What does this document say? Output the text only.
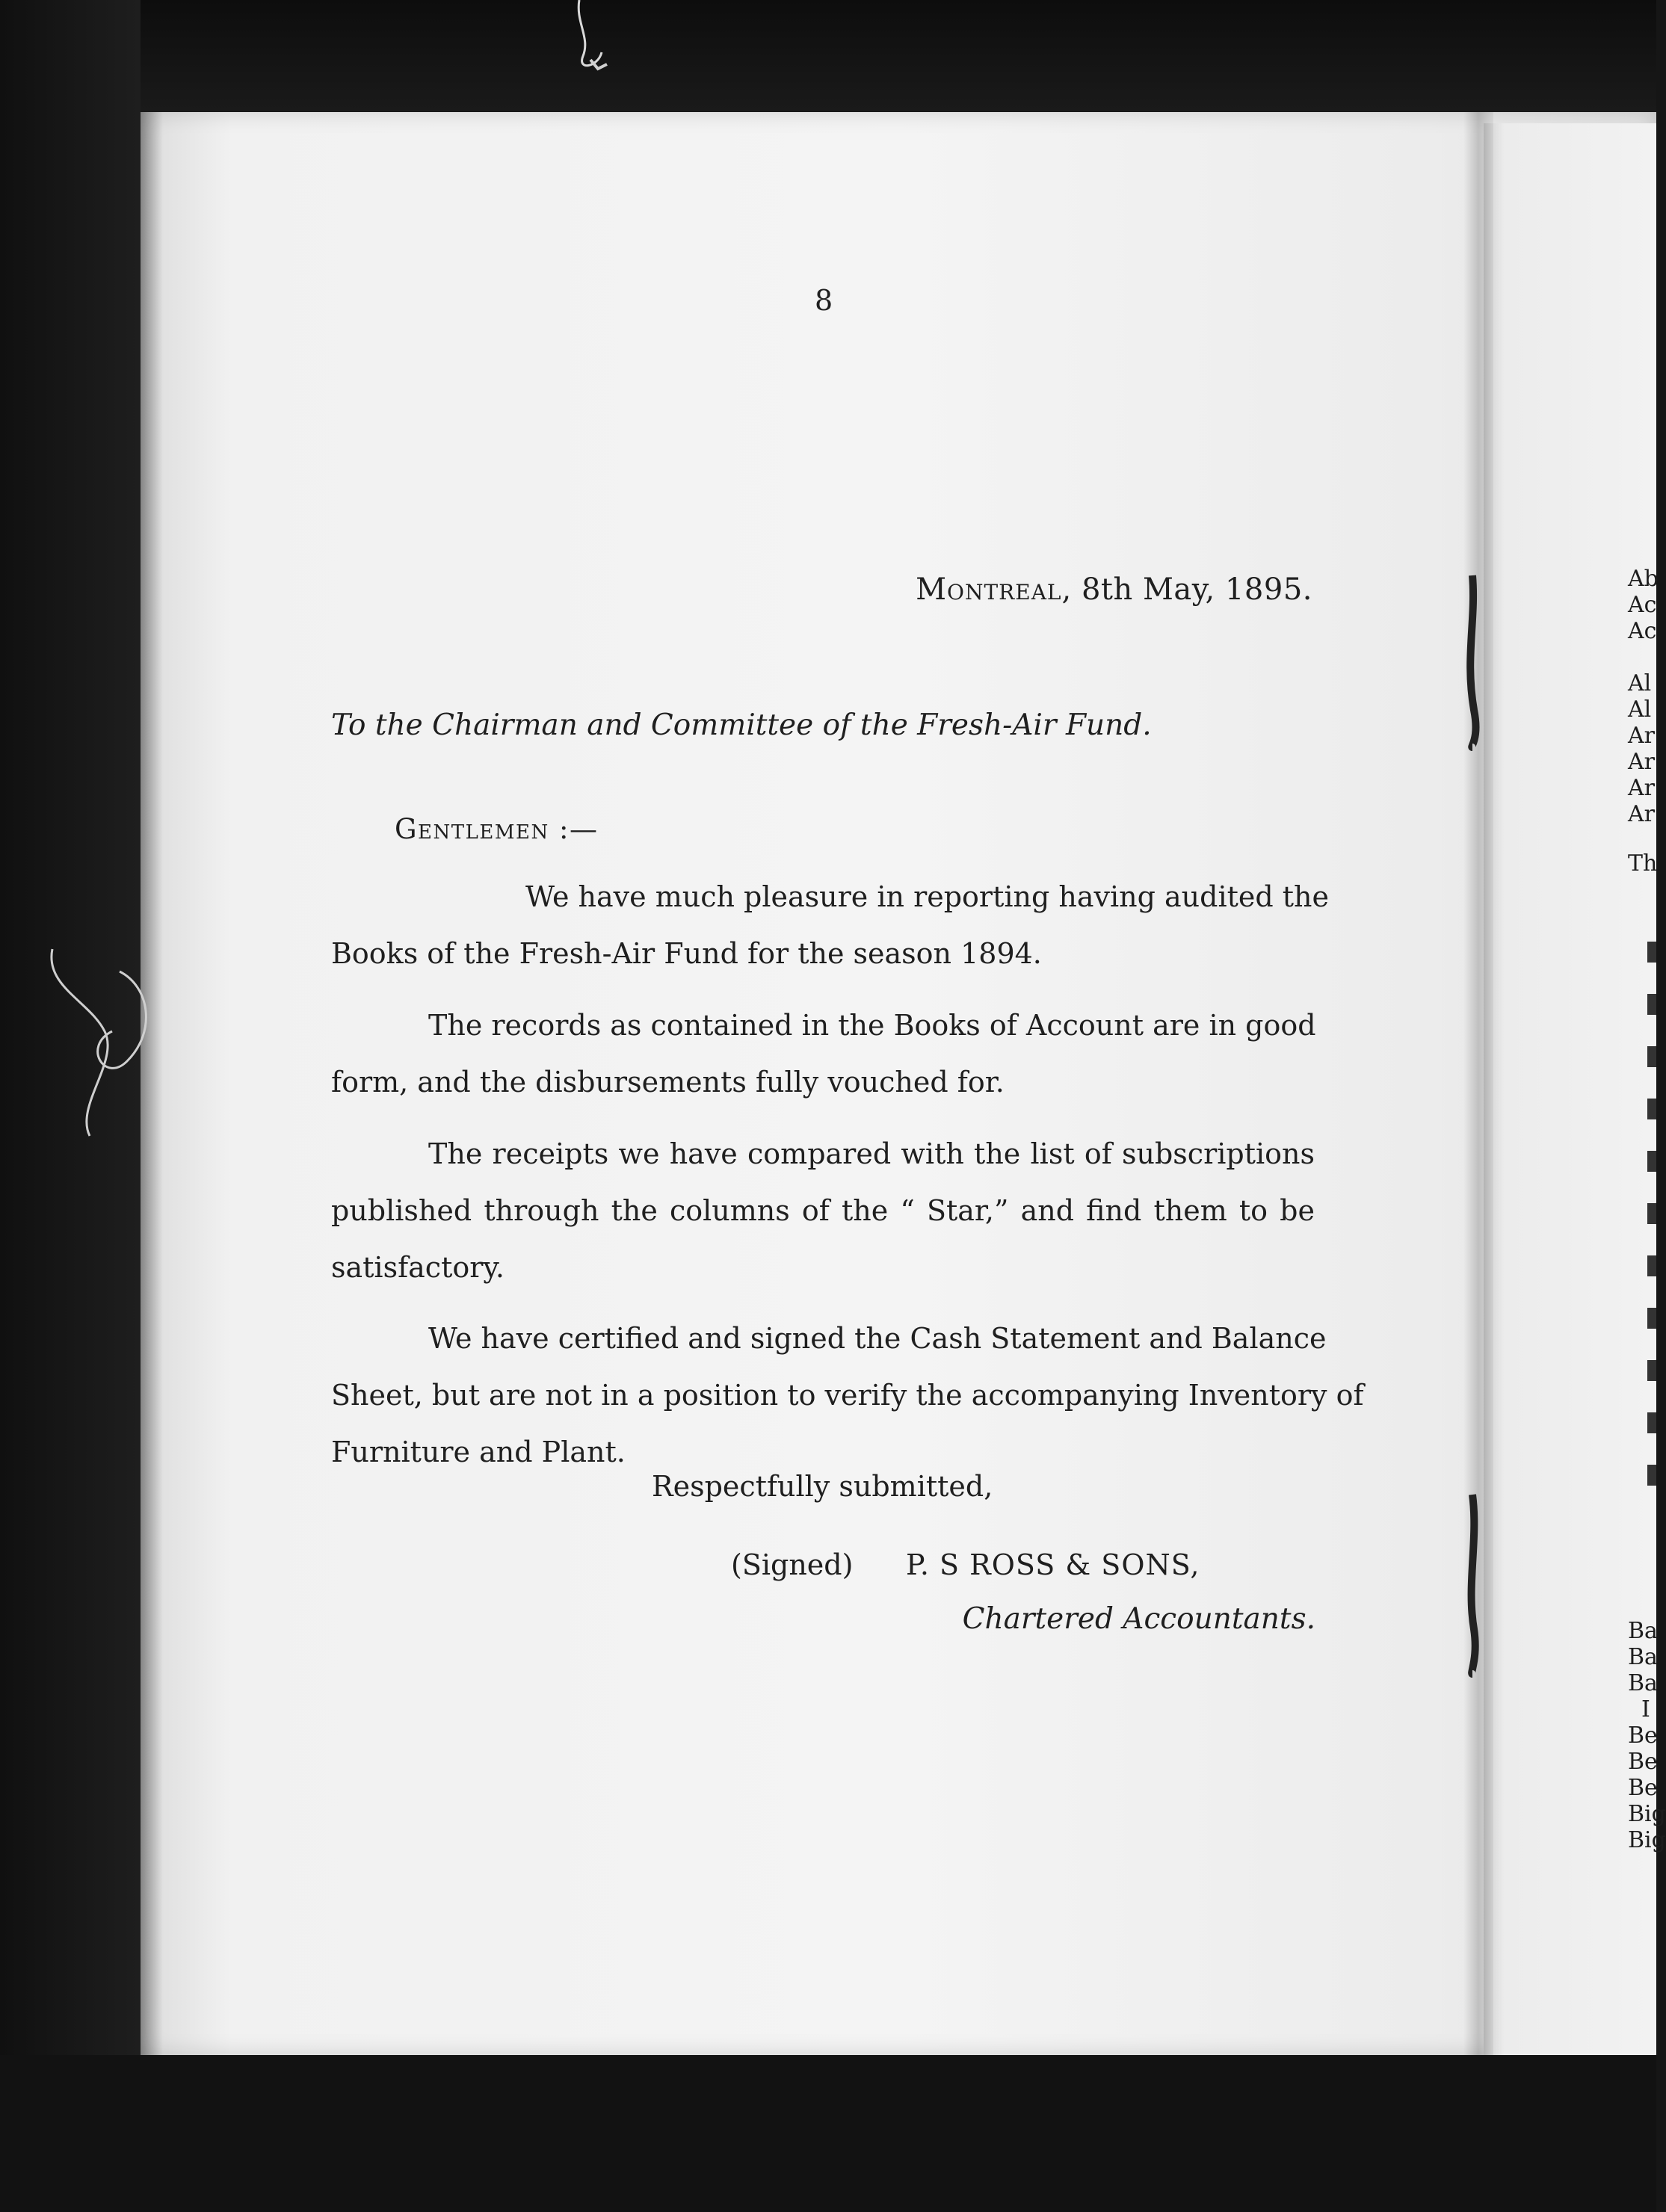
8
Montreal, 8th May, 1895.
To the Chairman and Committee of the Fresh-Air Fund.
Gentlemen :—
We have much pleasure in reporting having audited the
Books of the Fresh-Air Fund for the season 1894.
The records as contained in the Books of Account are in good
form, and the disbursements fully vouched for.
The receipts we have compared with the list of subscriptions
published through the columns of the “ Star,” and find them to be
satisfactory.
We have certified and signed the Cash Statement and Balance
Sheet, but are not in a position to verify the accompanying Inventory of
Furniture and Plant.
Respectfully submitted,
(Signed) P. S ROSS & SONS,
Chartered Accountants.
Ab
Ac
Ac
Al
Al
Ar
Ar
Ar
Ar
Th
Ba
Ba
Ba
I
Be
Be
Be
Big
Big
